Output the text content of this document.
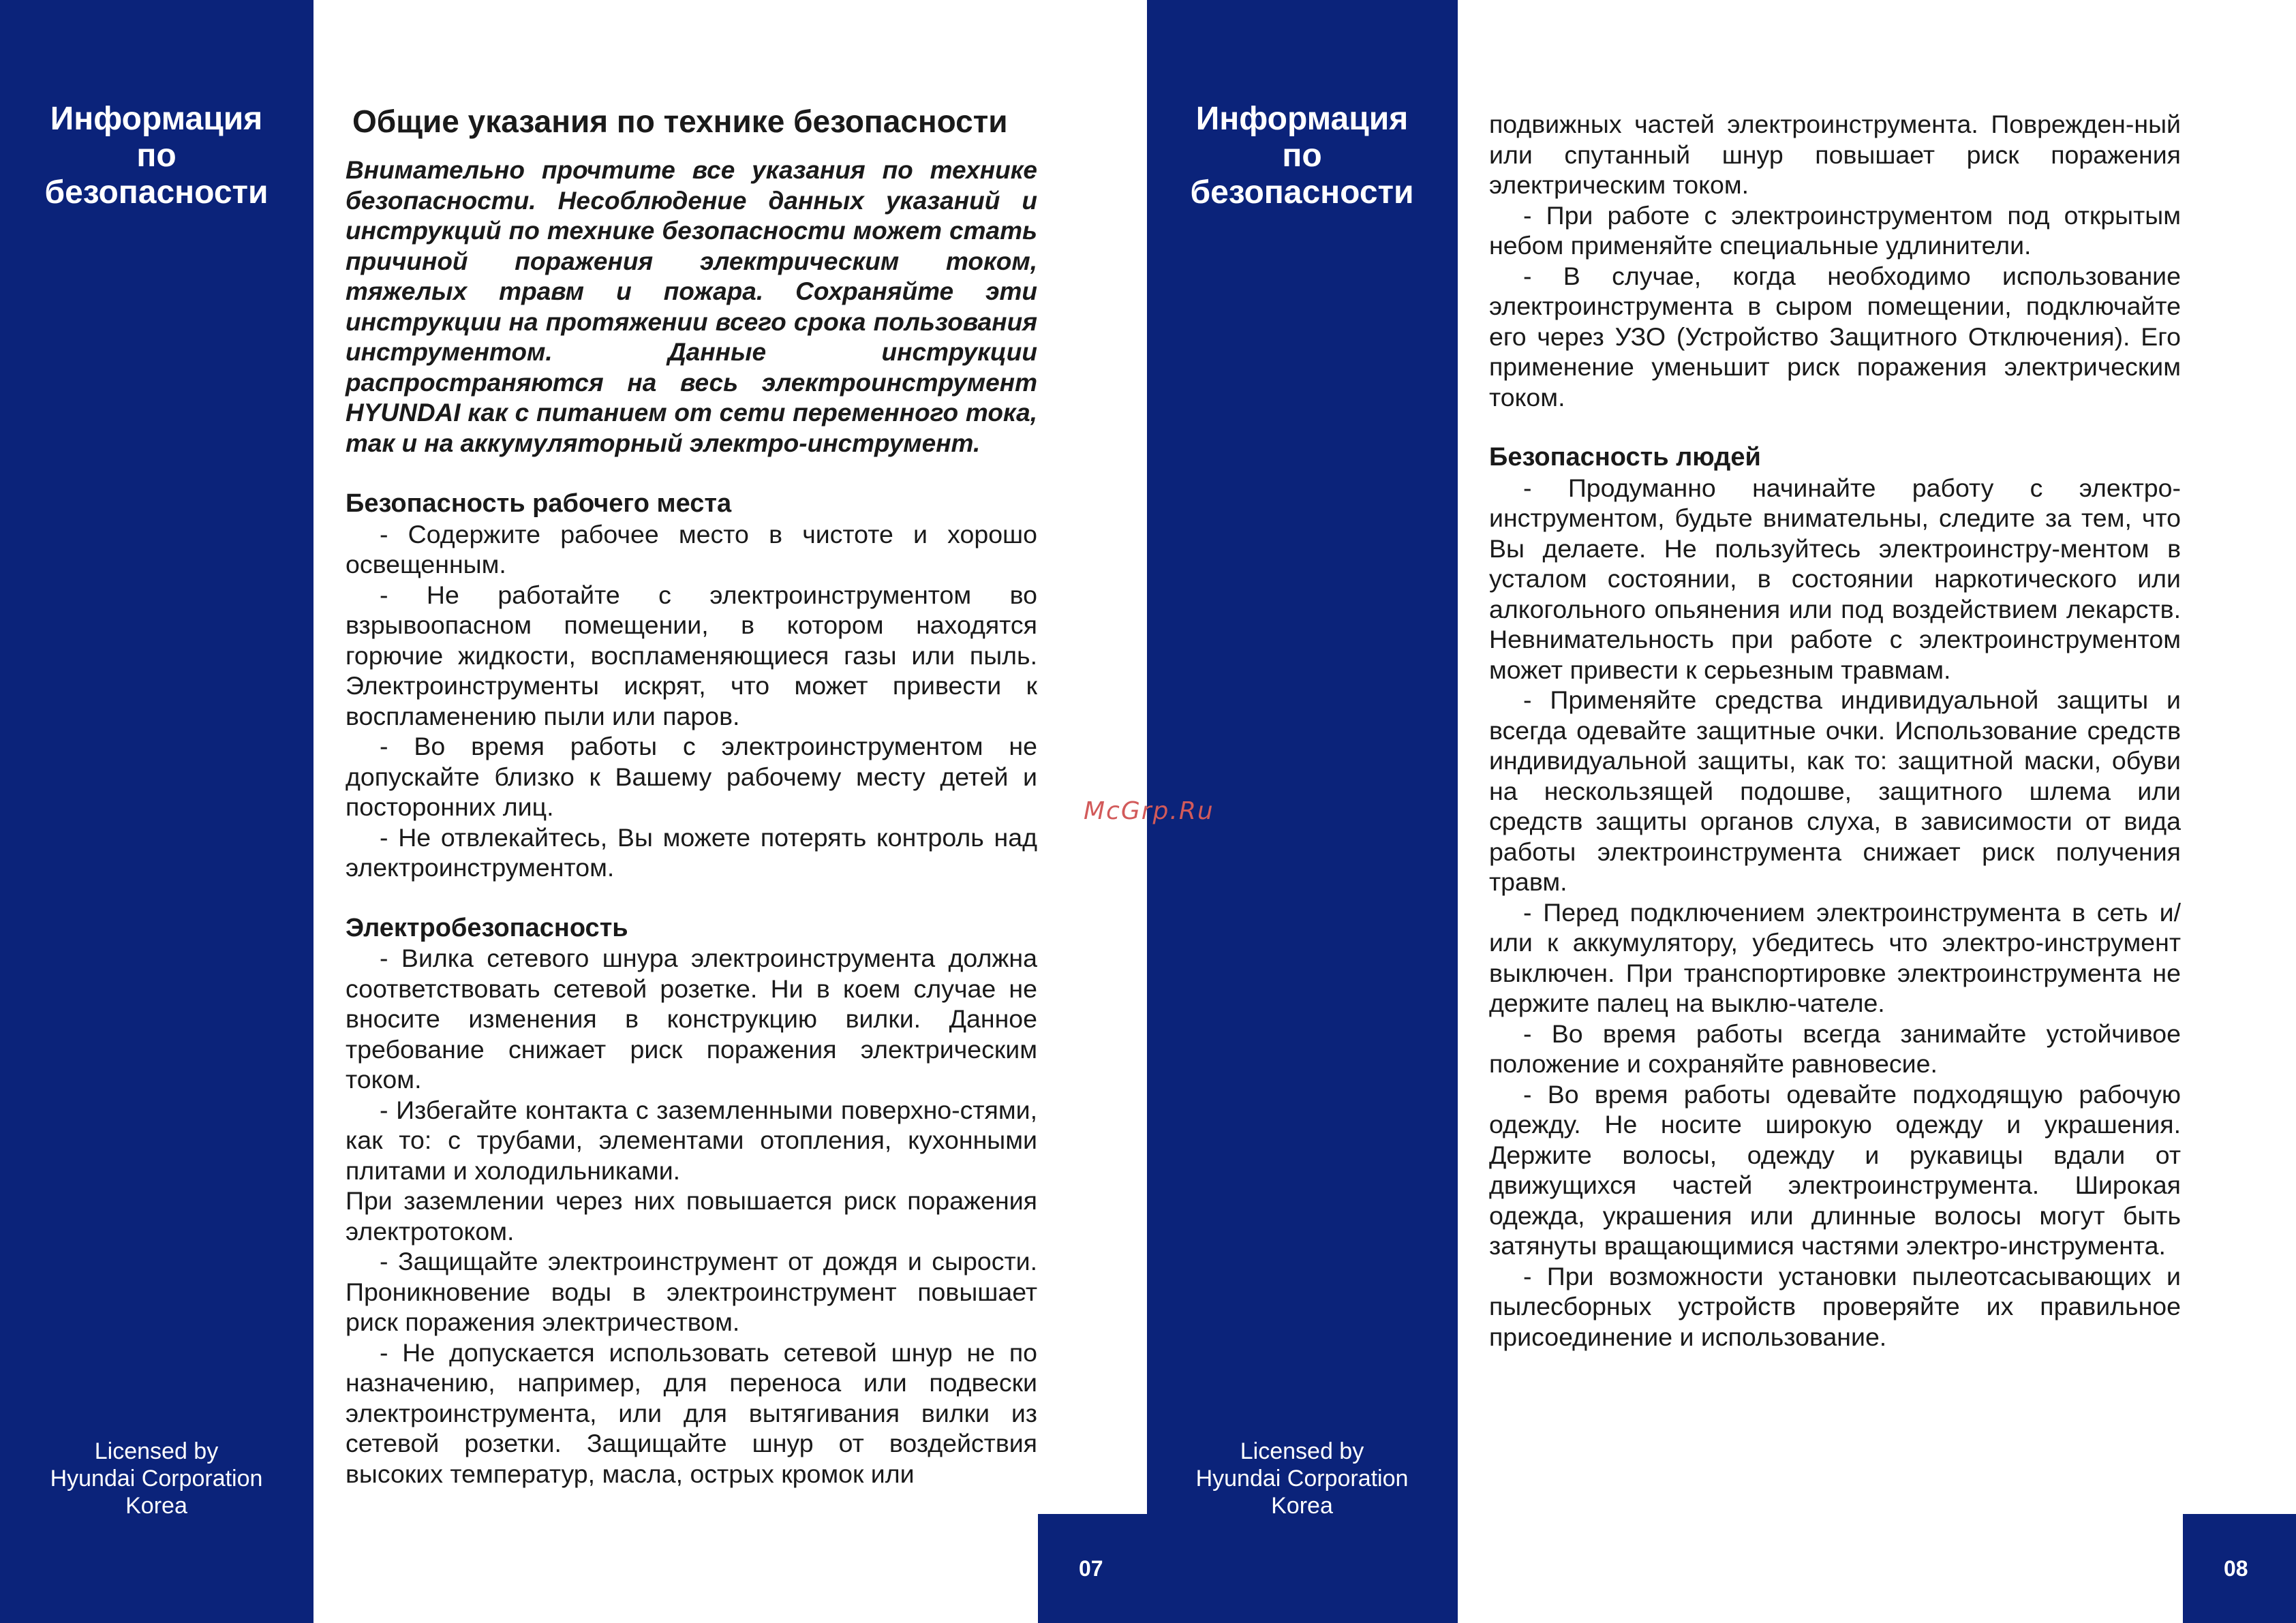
Информация
по
безопасности
Licensed by
Hyundai Corporation
Korea
07
Информация
по
безопасности
Licensed by
Hyundai Corporation
Korea
08
Общие указания по технике безопасности

Внимательно прочтите все указания по технике безопасности. Несоблюдение данных указаний и инструкций по технике безопасности может стать причиной поражения электрическим током, тяжелых травм и пожара. Сохраняйте эти инструкции на протяжении всего срока пользования инструментом. Данные инструкции распространяются на весь электроинструмент HYUNDAI как с питанием от сети переменного тока, так и на аккумуляторный электро-инструмент.

Безопасность рабочего места

- Содержите рабочее место в чистоте и хорошо освещенным.

- Не работайте с электроинструментом во взрывоопасном помещении, в котором находятся горючие жидкости, воспламеняющиеся газы или пыль. Электроинструменты искрят, что может привести к воспламенению пыли или паров.

- Во время работы с электроинструментом не допускайте близко к Вашему рабочему месту детей и посторонних лиц.

- Не отвлекайтесь, Вы можете потерять контроль над электроинструментом.

Электробезопасность

- Вилка сетевого шнура электроинструмента должна соответствовать сетевой розетке. Ни в коем случае не вносите изменения в конструкцию вилки. Данное требование снижает риск поражения электрическим током.

- Избегайте контакта с заземленными поверхно-стями, как то: с трубами, элементами отопления, кухонными плитами и холодильниками.

При заземлении через них повышается риск поражения электротоком.

- Защищайте электроинструмент от дождя и сырости. Проникновение воды в электроинструмент повышает риск поражения электричеством.

- Не допускается использовать сетевой шнур не по назначению, например, для переноса или подвески электроинструмента, или для вытягивания вилки из сетевой розетки. Защищайте шнур от воздействия высоких температур, масла, острых кромок или

подвижных частей электроинструмента. Поврежден-ный или спутанный шнур повышает риск поражения электрическим током.

- При работе с электроинструментом под открытым небом применяйте специальные удлинители.

- В случае, когда необходимо использование электроинструмента в сыром помещении, подключайте его через УЗО (Устройство Защитного Отключения). Его применение уменьшит риск поражения электрическим током.

Безопасность людей

- Продуманно начинайте работу с электро-инструментом, будьте внимательны, следите за тем, что Вы делаете. Не пользуйтесь электроинстру-ментом в усталом состоянии, в состоянии наркотического или алкогольного опьянения или под воздействием лекарств. Невнимательность при работе с электроинструментом может привести к серьезным травмам.

- Применяйте средства индивидуальной защиты и всегда одевайте защитные очки. Использование средств индивидуальной защиты, как то: защитной маски, обуви на нескользящей подошве, защитного шлема или средств защиты органов слуха, в зависимости от вида работы электроинструмента снижает риск получения травм.

- Перед подключением электроинструмента в сеть и/или к аккумулятору, убедитесь что электро-инструмент выключен. При транспортировке электроинструмента не держите палец на выклю-чателе.

- Во время работы всегда занимайте устойчивое положение и сохраняйте равновесие.

- Во время работы одевайте подходящую рабочую одежду. Не носите широкую одежду и украшения. Держите волосы, одежду и рукавицы вдали от движущихся частей электроинструмента. Широкая одежда, украшения или длинные волосы могут быть затянуты вращающимися частями электро-инструмента.

- При возможности установки пылеотсасывающих и пылесборных устройств проверяйте их правильное присоединение и использование.

McGrp.Ru
